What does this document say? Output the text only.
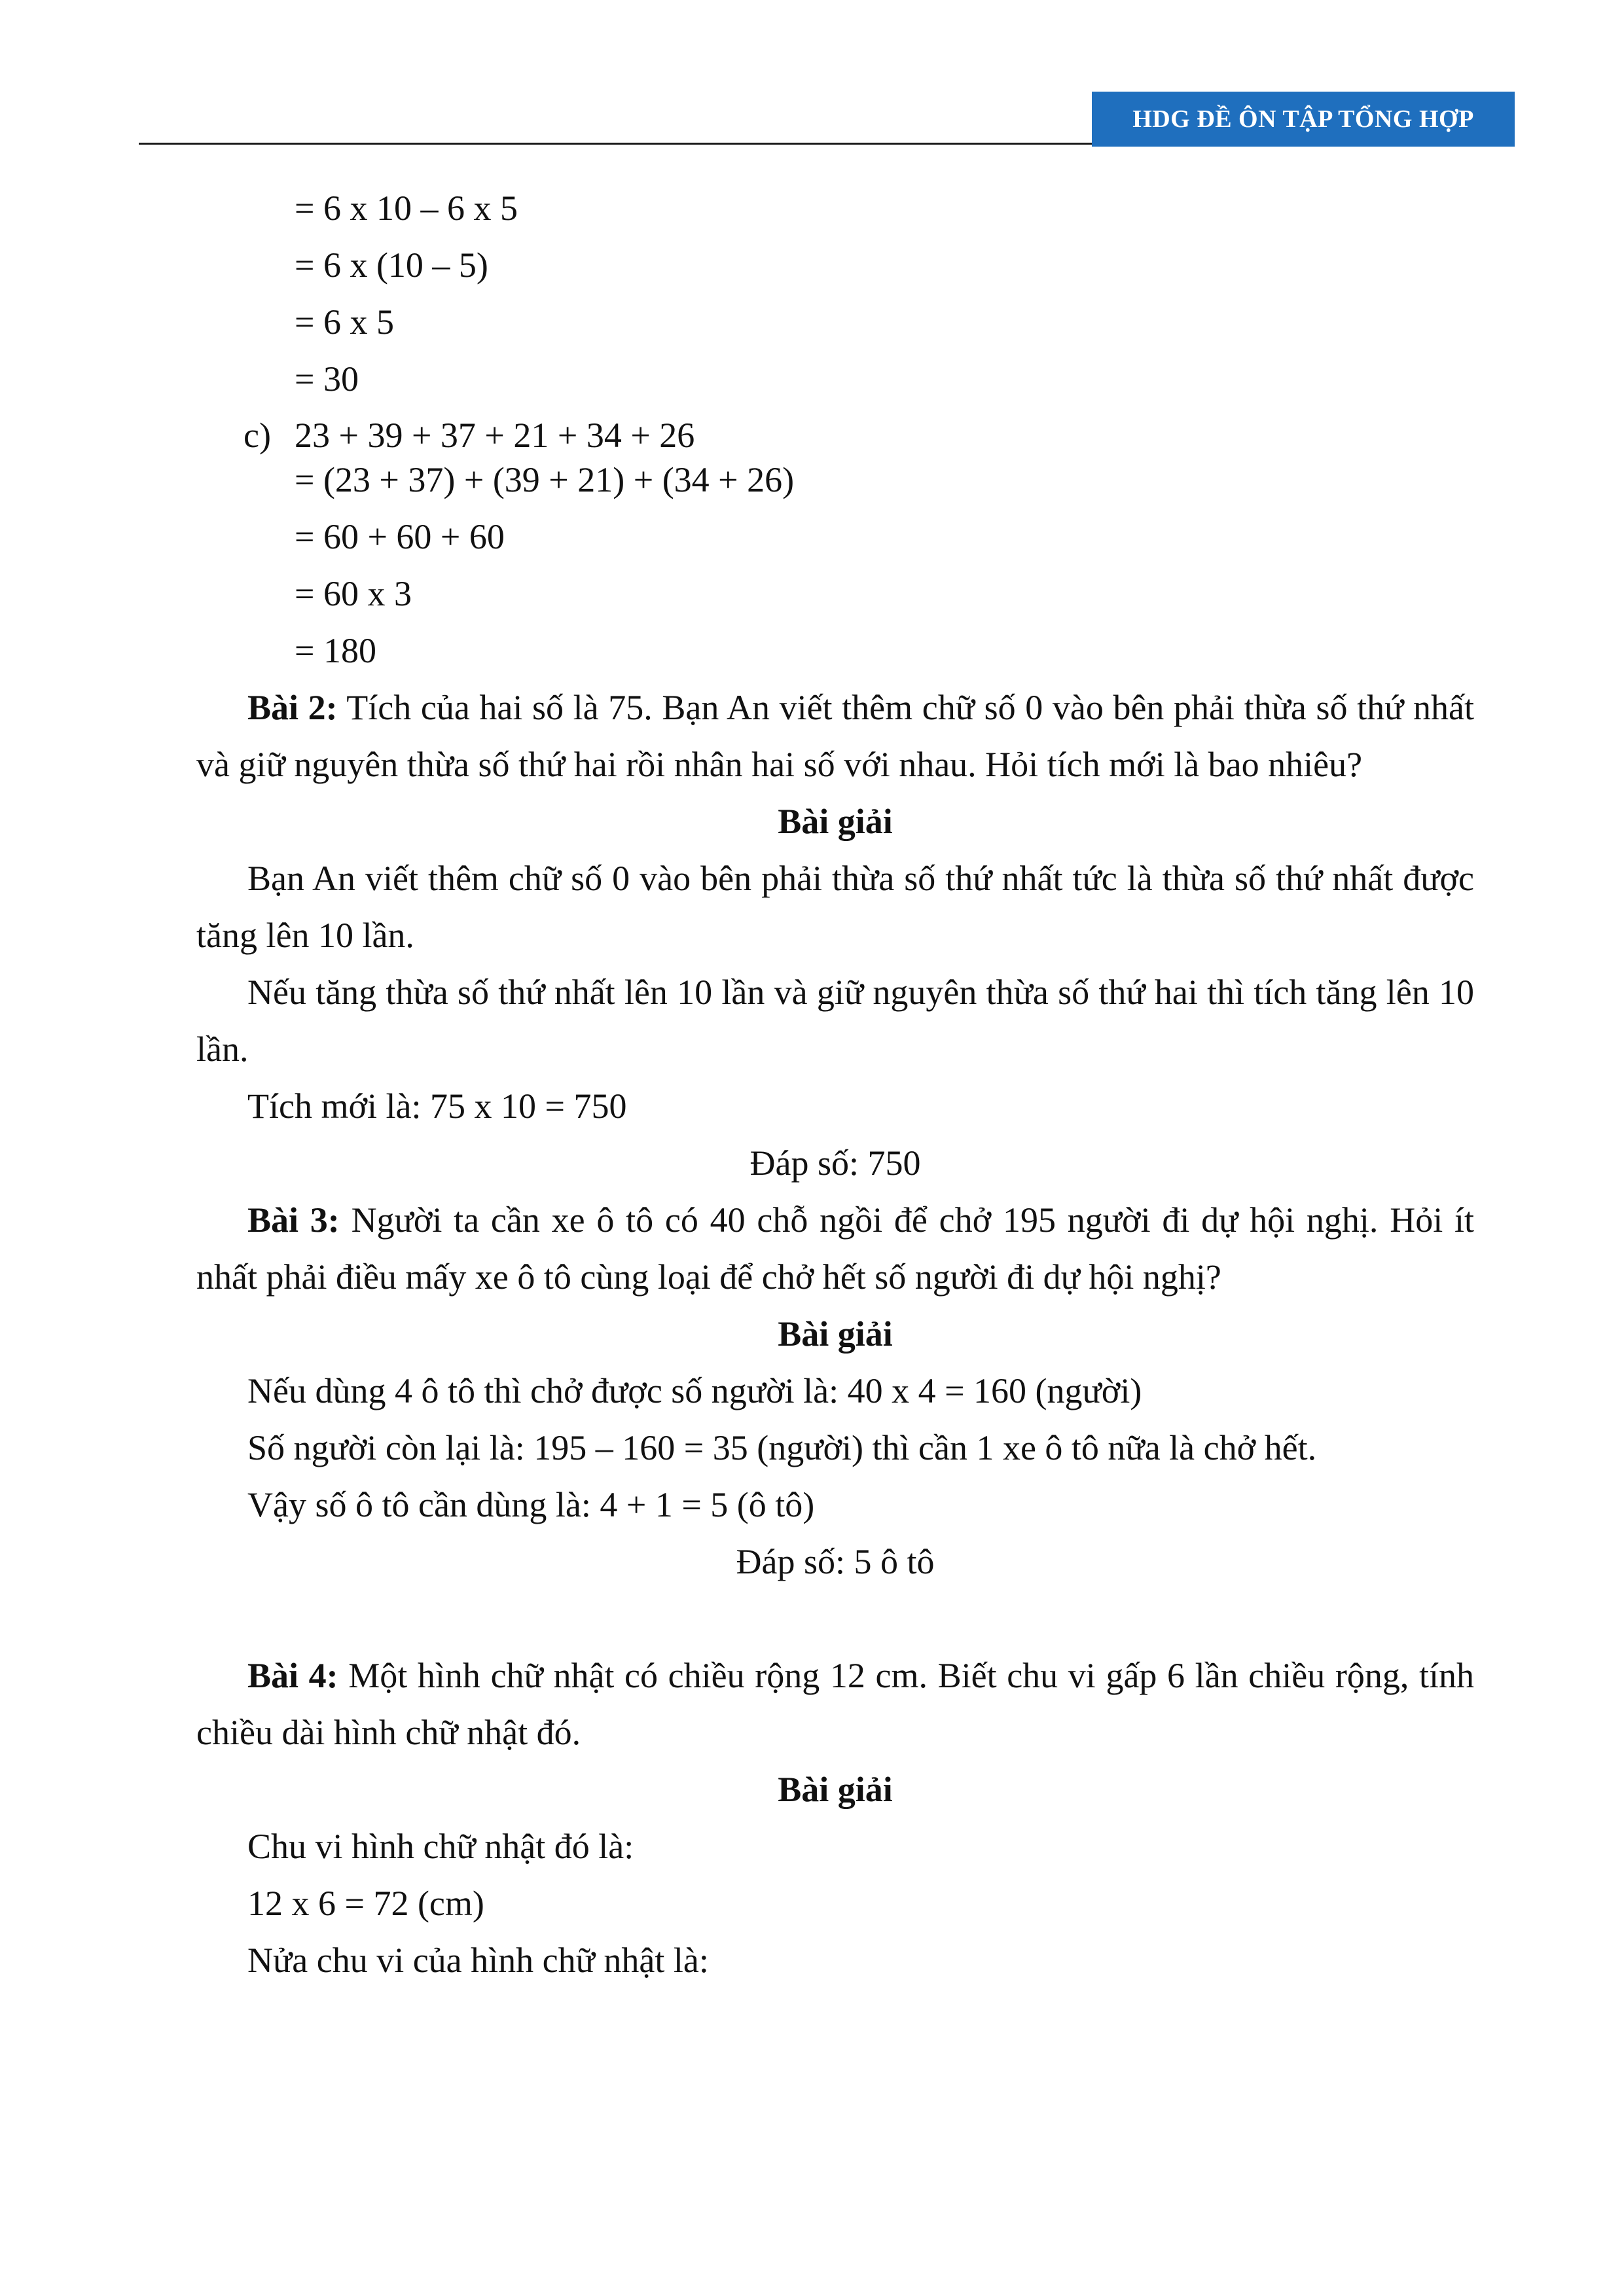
HDG ĐỀ ÔN TẬP TỔNG HỢP
= 6 x 10 – 6 x 5
= 6 x (10 – 5)
= 6 x 5
= 30
c) 23 + 39 + 37 + 21 + 34 + 26
= (23 + 37) + (39 + 21) + (34 + 26)
= 60 + 60 + 60
= 60 x 3
= 180

Bài 2: Tích của hai số là 75. Bạn An viết thêm chữ số 0 vào bên phải thừa số thứ nhất và giữ nguyên thừa số thứ hai rồi nhân hai số với nhau. Hỏi tích mới là bao nhiêu?

Bài giải

Bạn An viết thêm chữ số 0 vào bên phải thừa số thứ nhất tức là thừa số thứ nhất được tăng lên 10 lần.

Nếu tăng thừa số thứ nhất lên 10 lần và giữ nguyên thừa số thứ hai thì tích tăng lên 10 lần.

Tích mới là: 75 x 10 = 750

Đáp số: 750

Bài 3: Người ta cần xe ô tô có 40 chỗ ngồi để chở 195 người đi dự hội nghị. Hỏi ít nhất phải điều mấy xe ô tô cùng loại để chở hết số người đi dự hội nghị?

Bài giải

Nếu dùng 4 ô tô thì chở được số người là: 40 x 4 = 160 (người)

Số người còn lại là: 195 – 160 = 35 (người) thì cần 1 xe ô tô nữa là chở hết.

Vậy số ô tô cần dùng là: 4 + 1 = 5 (ô tô)

Đáp số: 5 ô tô

Bài 4: Một hình chữ nhật có chiều rộng 12 cm. Biết chu vi gấp 6 lần chiều rộng, tính chiều dài hình chữ nhật đó.

Bài giải

Chu vi hình chữ nhật đó là:

12 x 6 = 72 (cm)

Nửa chu vi của hình chữ nhật là:
